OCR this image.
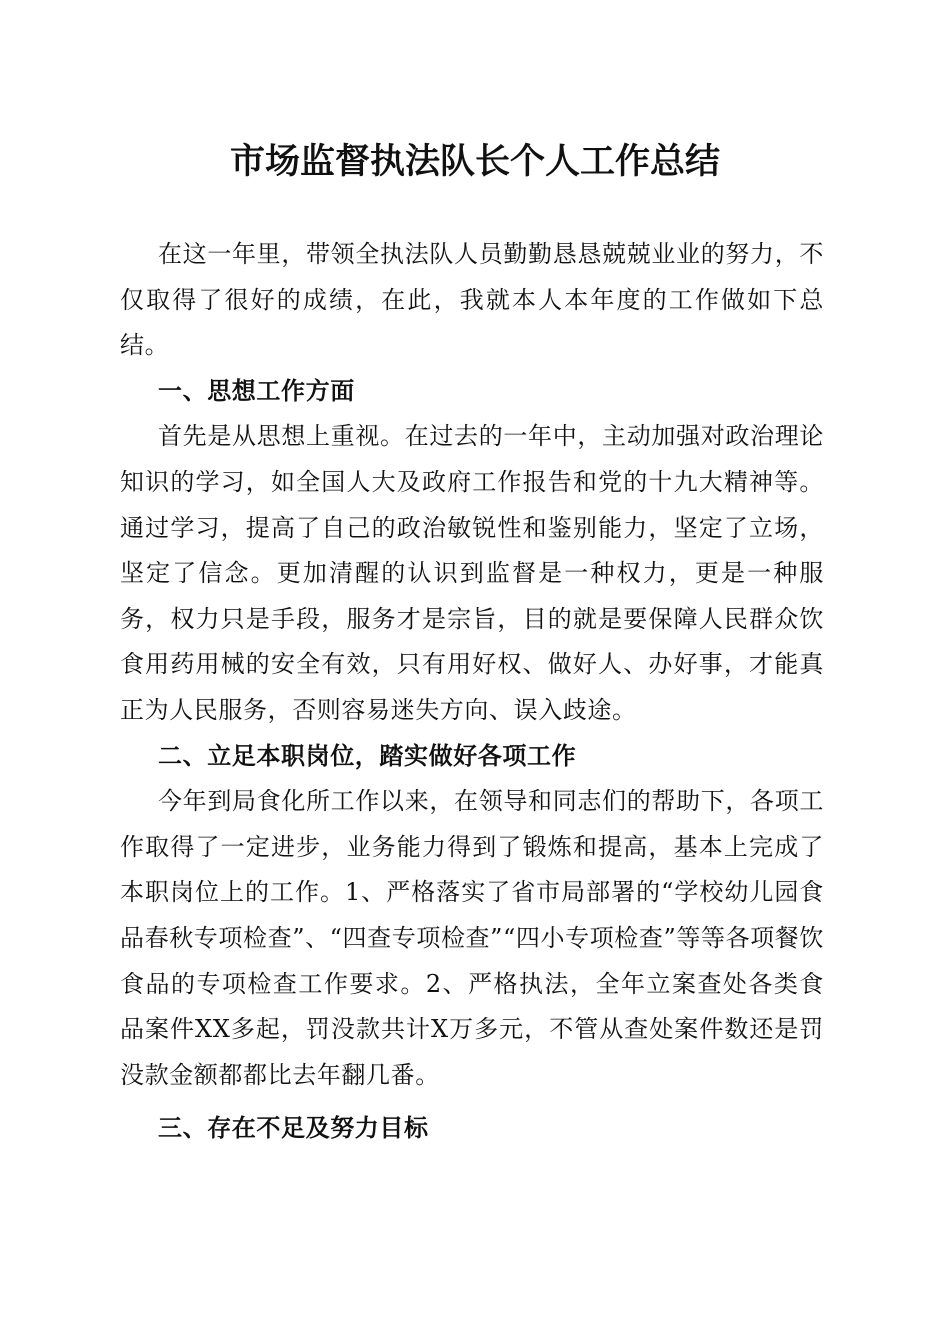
市场监督执法队长个人工作总结

在这一年里，带领全执法队人员勤勤恳恳兢兢业业的努力，不仅取得了很好的成绩，在此，我就本人本年度的工作做如下总结。

一、思想工作方面

首先是从思想上重视。在过去的一年中，主动加强对政治理论知识的学习，如全国人大及政府工作报告和党的十九大精神等。通过学习，提高了自己的政治敏锐性和鉴别能力，坚定了立场，坚定了信念。更加清醒的认识到监督是一种权力，更是一种服务，权力只是手段，服务才是宗旨，目的就是要保障人民群众饮食用药用械的安全有效，只有用好权、做好人、办好事，才能真正为人民服务，否则容易迷失方向、误入歧途。

二、立足本职岗位，踏实做好各项工作

今年到局食化所工作以来，在领导和同志们的帮助下，各项工作取得了一定进步，业务能力得到了锻炼和提高，基本上完成了本职岗位上的工作。1、严格落实了省市局部署的“学校幼儿园食品春秋专项检查”、“四查专项检查”“四小专项检查”等等各项餐饮食品的专项检查工作要求。2、严格执法，全年立案查处各类食品案件XX多起，罚没款共计X万多元，不管从查处案件数还是罚没款金额都都比去年翻几番。

三、存在不足及努力目标
